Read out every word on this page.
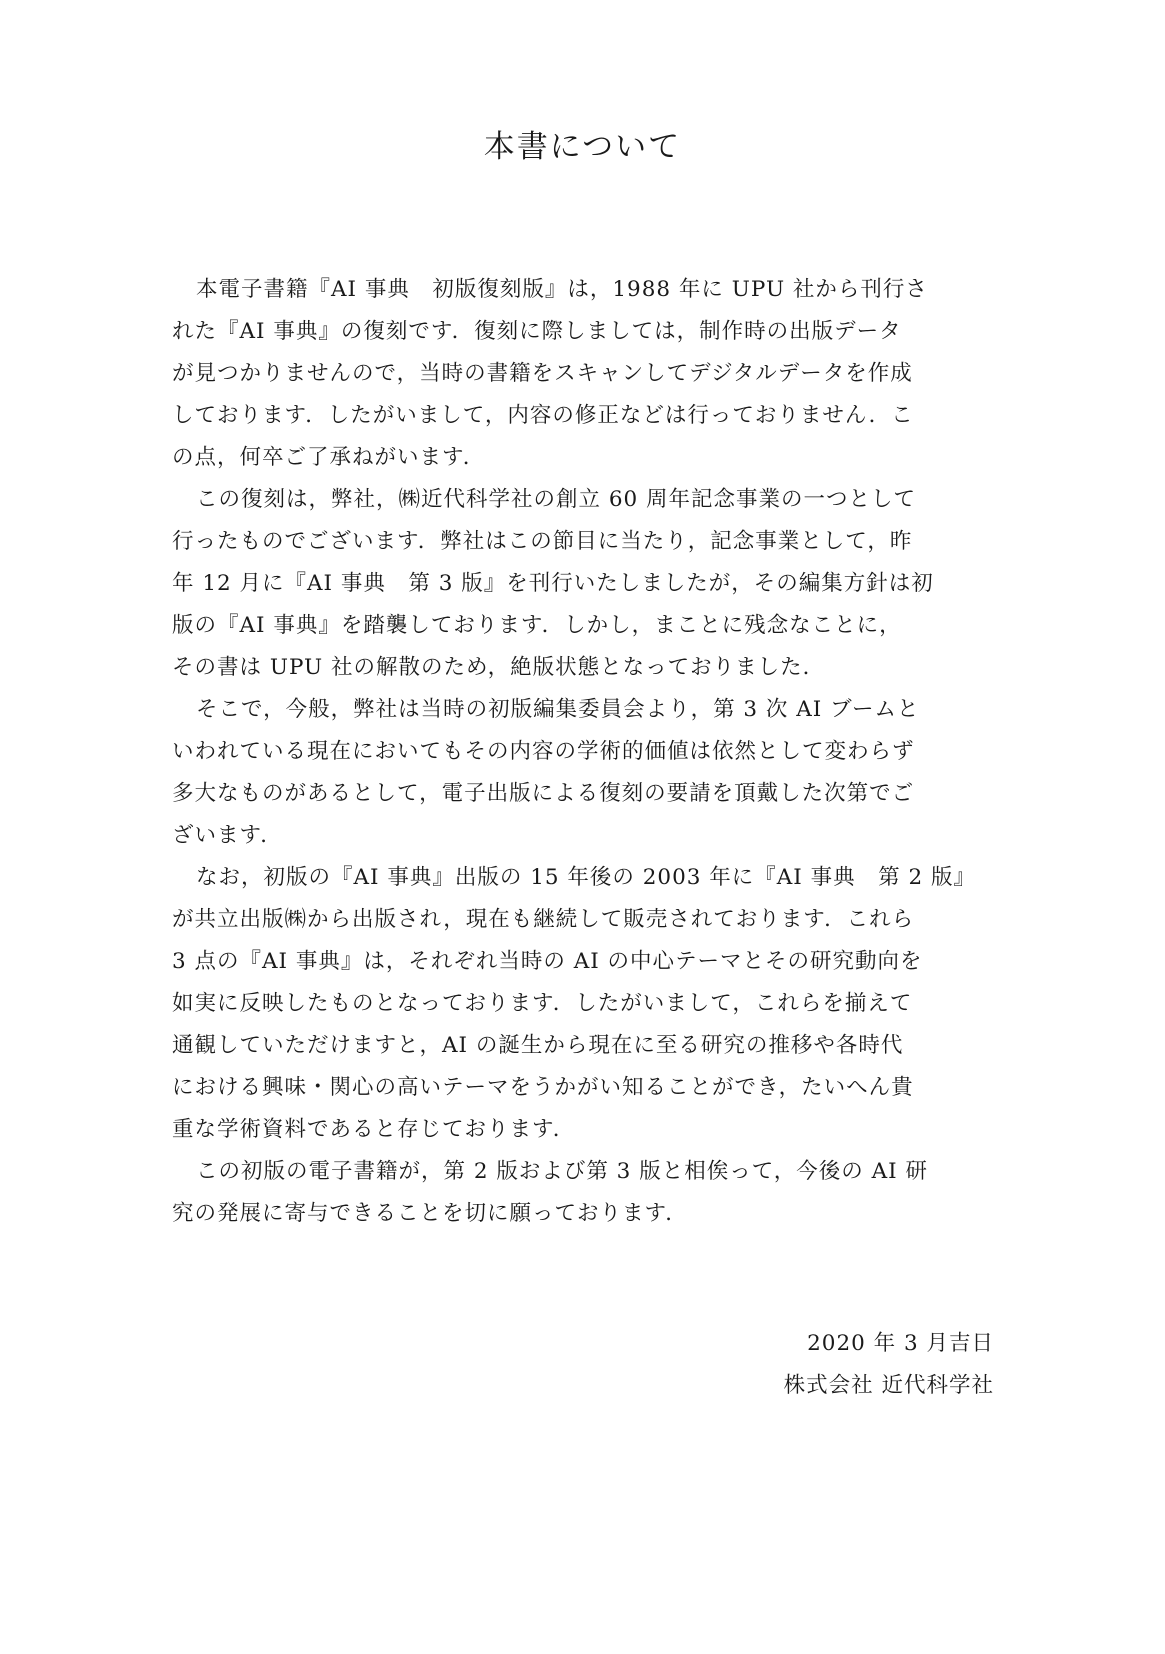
本書について
本電子書籍『AI 事典　初版復刻版』は，1988 年に UPU 社から刊行さ
れた『AI 事典』の復刻です．復刻に際しましては，制作時の出版データ
が見つかりませんので，当時の書籍をスキャンしてデジタルデータを作成
しております．したがいまして，内容の修正などは行っておりません．こ
の点，何卒ご了承ねがいます．
この復刻は，弊社，㈱近代科学社の創立 60 周年記念事業の一つとして
行ったものでございます．弊社はこの節目に当たり，記念事業として，昨
年 12 月に『AI 事典　第 3 版』を刊行いたしましたが，その編集方針は初
版の『AI 事典』を踏襲しております．しかし，まことに残念なことに，
その書は UPU 社の解散のため，絶版状態となっておりました．
そこで，今般，弊社は当時の初版編集委員会より，第 3 次 AI ブームと
いわれている現在においてもその内容の学術的価値は依然として変わらず
多大なものがあるとして，電子出版による復刻の要請を頂戴した次第でご
ざいます．
なお，初版の『AI 事典』出版の 15 年後の 2003 年に『AI 事典　第 2 版』
が共立出版㈱から出版され，現在も継続して販売されております．これら
3 点の『AI 事典』は，それぞれ当時の AI の中心テーマとその研究動向を
如実に反映したものとなっております．したがいまして，これらを揃えて
通観していただけますと，AI の誕生から現在に至る研究の推移や各時代
における興味・関心の高いテーマをうかがい知ることができ，たいへん貴
重な学術資料であると存じております．
この初版の電子書籍が，第 2 版および第 3 版と相俟って，今後の AI 研
究の発展に寄与できることを切に願っております．
2020 年 3 月吉日
株式会社 近代科学社
